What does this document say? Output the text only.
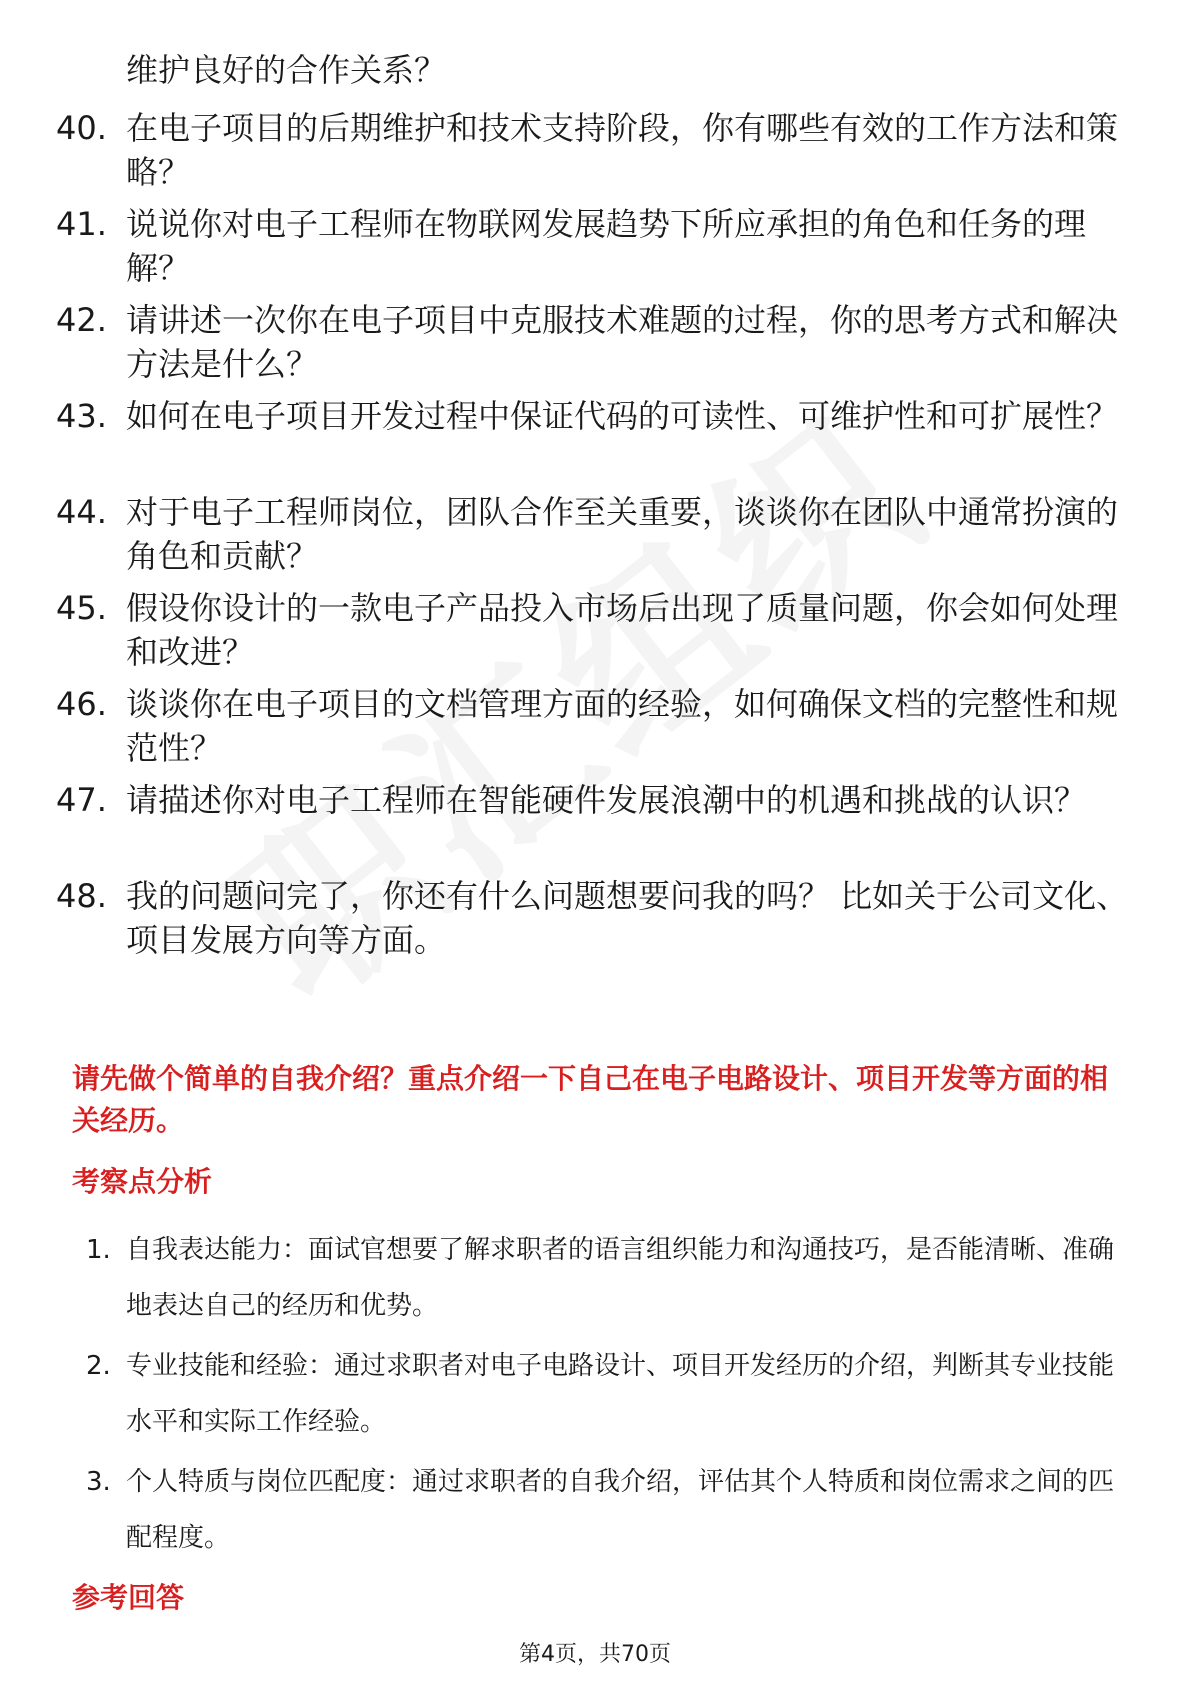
维护良好的合作关系？
40. 在电子项目的后期维护和技术支持阶段，你有哪些有效的工作方法和策略？
41. 说说你对电子工程师在物联网发展趋势下所应承担的角色和任务的理解？
42. 请讲述一次你在电子项目中克服技术难题的过程，你的思考方式和解决方法是什么？
43. 如何在电子项目开发过程中保证代码的可读性、可维护性和可扩展性？
44. 对于电子工程师岗位，团队合作至关重要，谈谈你在团队中通常扮演的角色和贡献？
45. 假设你设计的一款电子产品投入市场后出现了质量问题，你会如何处理和改进？
46. 谈谈你在电子项目的文档管理方面的经验，如何确保文档的完整性和规范性？
47. 请描述你对电子工程师在智能硬件发展浪潮中的机遇和挑战的认识？
48. 我的问题问完了，你还有什么问题想要问我的吗？ 比如关于公司文化、项目发展方向等方面。
请先做个简单的自我介绍？重点介绍一下自己在电子电路设计、项目开发等方面的相关经历。
考察点分析
1. 自我表达能力：面试官想要了解求职者的语言组织能力和沟通技巧，是否能清晰、准确地表达自己的经历和优势。
2. 专业技能和经验：通过求职者对电子电路设计、项目开发经历的介绍，判断其专业技能水平和实际工作经验。
3. 个人特质与岗位匹配度：通过求职者的自我介绍，评估其个人特质和岗位需求之间的匹配程度。
参考回答
第4页，共70页
